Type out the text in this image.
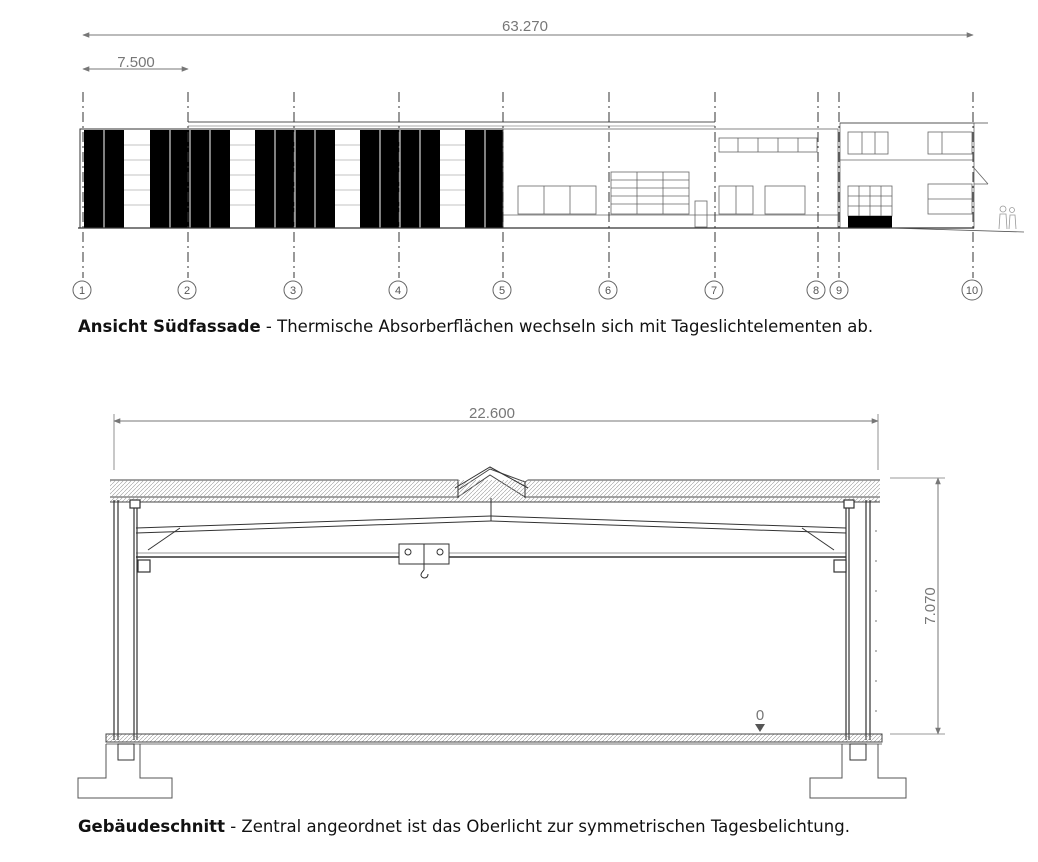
63.270
7.500
1	2	3	4	5	6	7	8 9	10
22.600
7.070
0
Ansicht Südfassade - Thermische Absorberflächen wechseln sich mit Tageslichtelementen ab.
Gebäudeschnitt - Zentral angeordnet ist das Oberlicht zur symmetrischen Tagesbelichtung.
